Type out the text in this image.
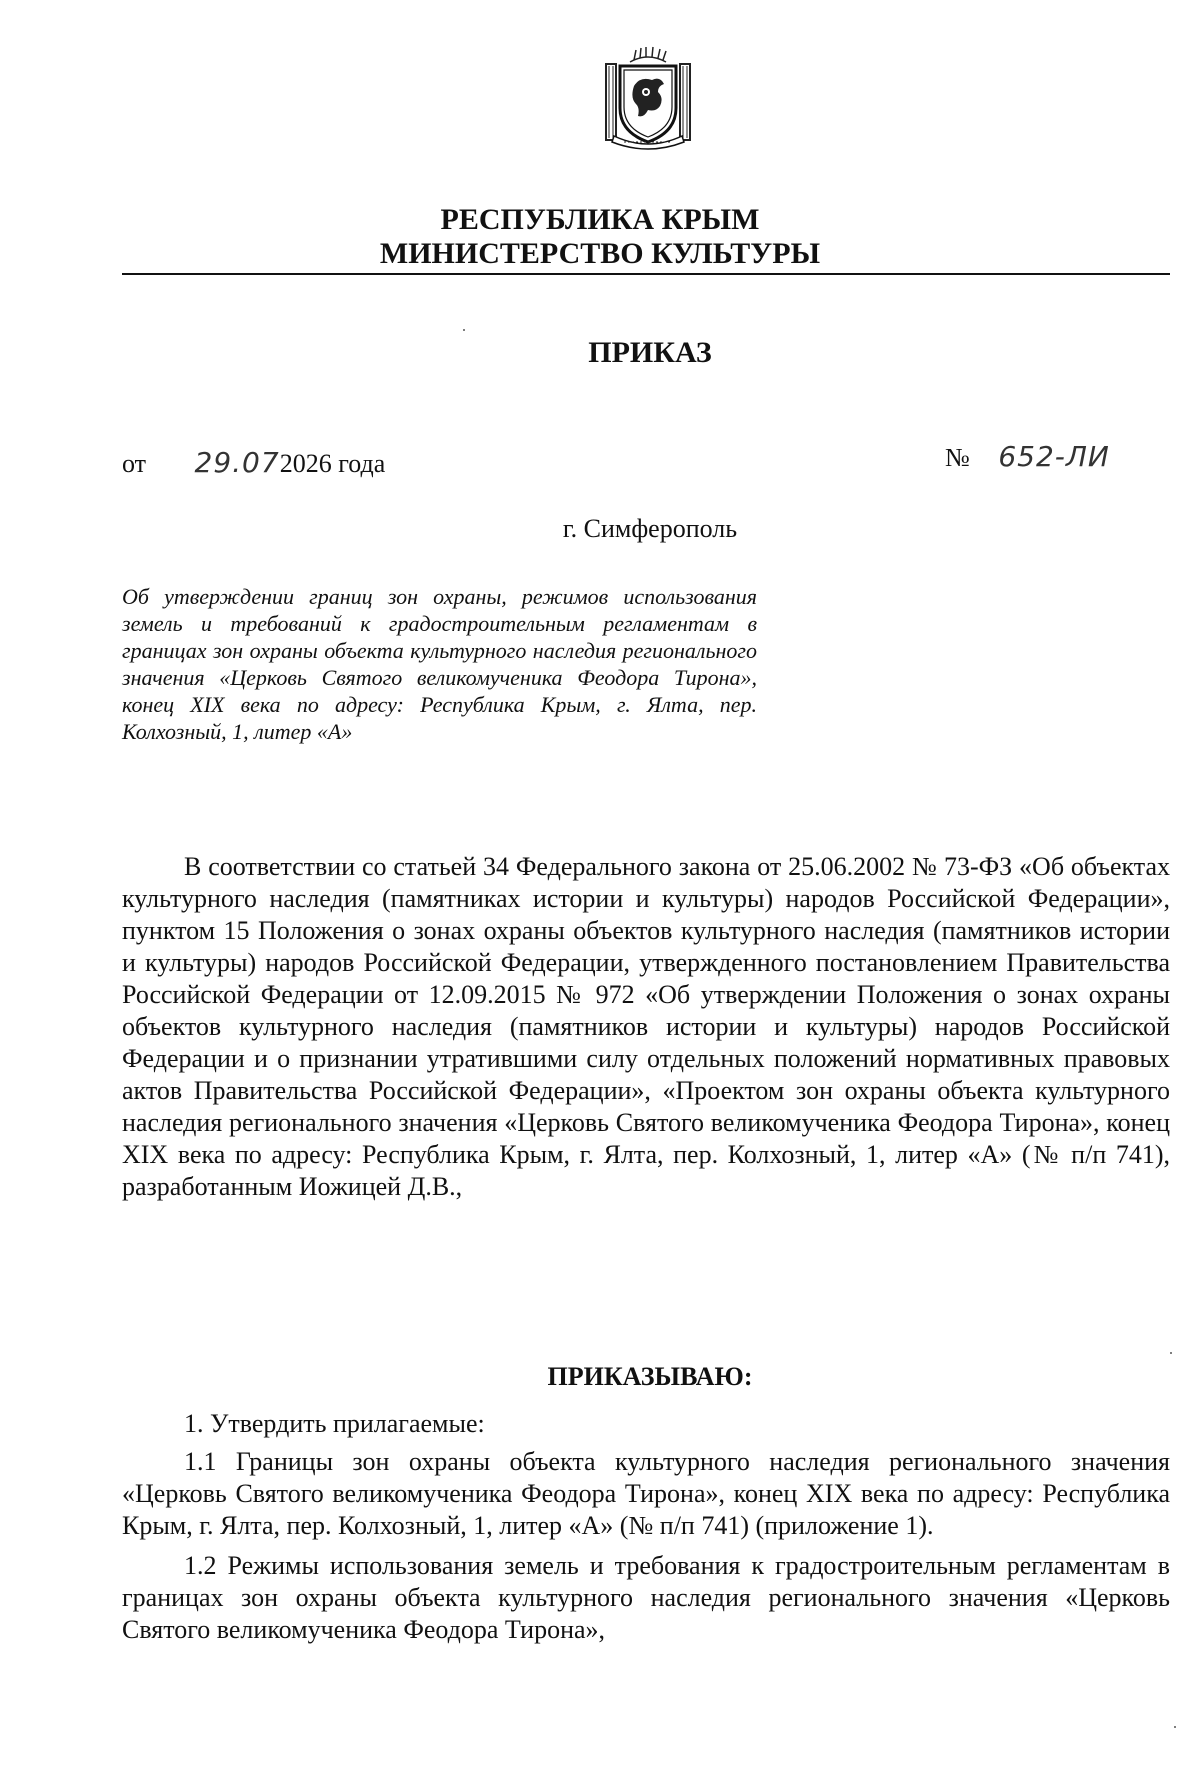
РЕСПУБЛИКА КРЫМ
МИНИСТЕРСТВО КУЛЬТУРЫ
ПРИКАЗ
от 29.072026 года	№ 652-ЛИ
г. Симферополь
Об утверждении границ зон охраны, режимов использования земель и требований к градостроительным регламентам в границах зон охраны объекта культурного наследия регионального значения «Церковь Святого великомученика Феодора Тирона», конец XIX века по адресу: Республика Крым, г. Ялта, пер. Колхозный, 1, литер «А»

В соответствии со статьей 34 Федерального закона от 25.06.2002 № 73-ФЗ «Об объектах культурного наследия (памятниках истории и культуры) народов Российской Федерации», пунктом 15 Положения о зонах охраны объектов культурного наследия (памятников истории и культуры) народов Российской Федерации, утвержденного постановлением Правительства Российской Федерации от 12.09.2015 № 972 «Об утверждении Положения о зонах охраны объектов культурного наследия (памятников истории и культуры) народов Российской Федерации и о признании утратившими силу отдельных положений нормативных правовых актов Правительства Российской Федерации», «Проектом зон охраны объекта культурного наследия регионального значения «Церковь Святого великомученика Феодора Тирона», конец XIX века по адресу: Республика Крым, г. Ялта, пер. Колхозный, 1, литер «А» (№ п/п 741), разработанным Иожицей Д.В.,

ПРИКАЗЫВАЮ:

1. Утвердить прилагаемые:

1.1 Границы зон охраны объекта культурного наследия регионального значения «Церковь Святого великомученика Феодора Тирона», конец XIX века по адресу: Республика Крым, г. Ялта, пер. Колхозный, 1, литер «А» (№ п/п 741) (приложение 1).

1.2 Режимы использования земель и требования к градостроительным регламентам в границах зон охраны объекта культурного наследия регионального значения «Церковь Святого великомученика Феодора Тирона»,
